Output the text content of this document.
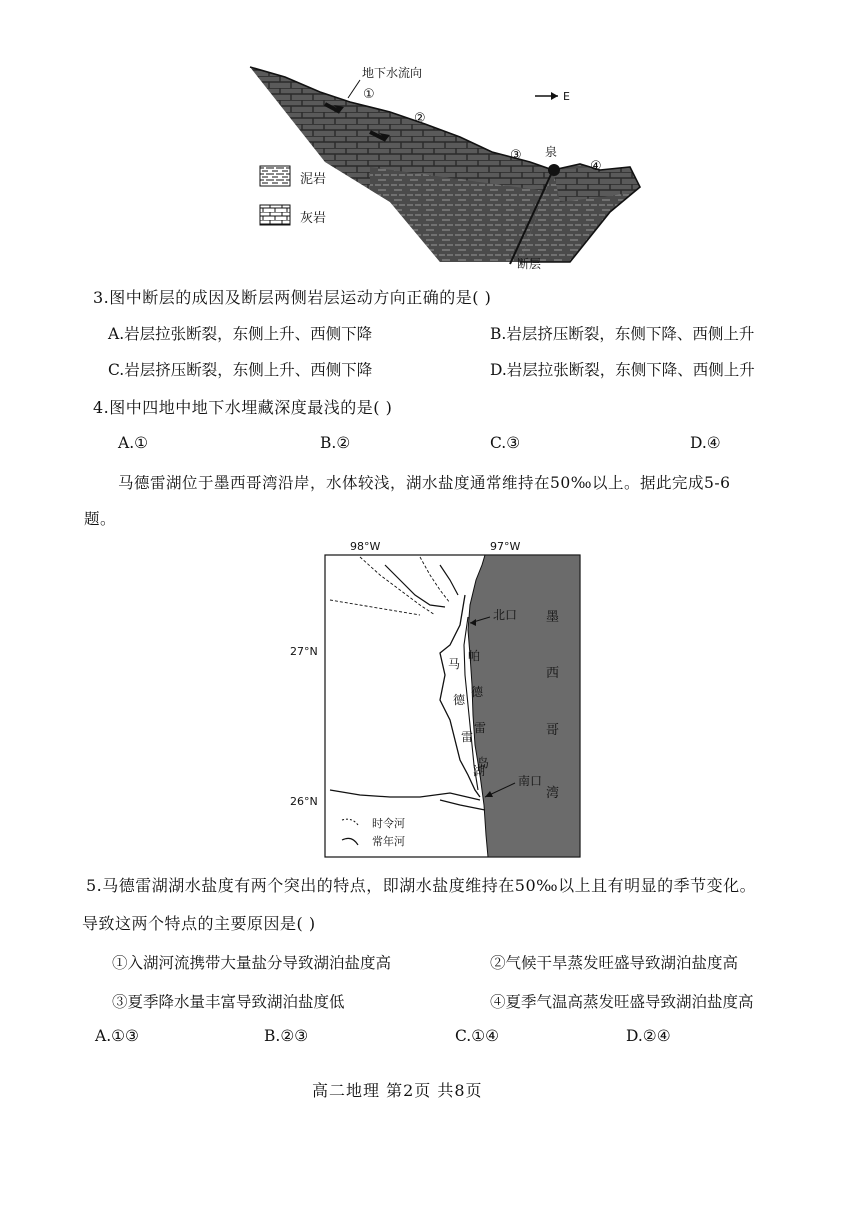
地下水流向
①
②
③ 泉
④
E
断层
泥岩
灰岩
3.图中断层的成因及断层两侧岩层运动方向正确的是( )
A.岩层拉张断裂，东侧上升、西侧下降	B.岩层挤压断裂，东侧下降、西侧上升
C.岩层挤压断裂，东侧上升、西侧下降	D.岩层拉张断裂，东侧下降、西侧上升
4.图中四地中地下水埋藏深度最浅的是( )
A.①	B.②	C.③	D.④
马德雷湖位于墨西哥湾沿岸，水体较浅，湖水盐度通常维持在50‰以上。据此完成5-6
题。
98°W	97°W
27°N
26°N
北口
南口
马
德
雷
湖
帕
德
雷
岛
墨
西
哥
湾
时令河
常年河
5.马德雷湖湖水盐度有两个突出的特点，即湖水盐度维持在50‰以上且有明显的季节变化。
导致这两个特点的主要原因是( )
①入湖河流携带大量盐分导致湖泊盐度高	②气候干旱蒸发旺盛导致湖泊盐度高
③夏季降水量丰富导致湖泊盐度低	④夏季气温高蒸发旺盛导致湖泊盐度高
A.①③	B.②③	C.①④	D.②④
高二地理 第2页 共8页
